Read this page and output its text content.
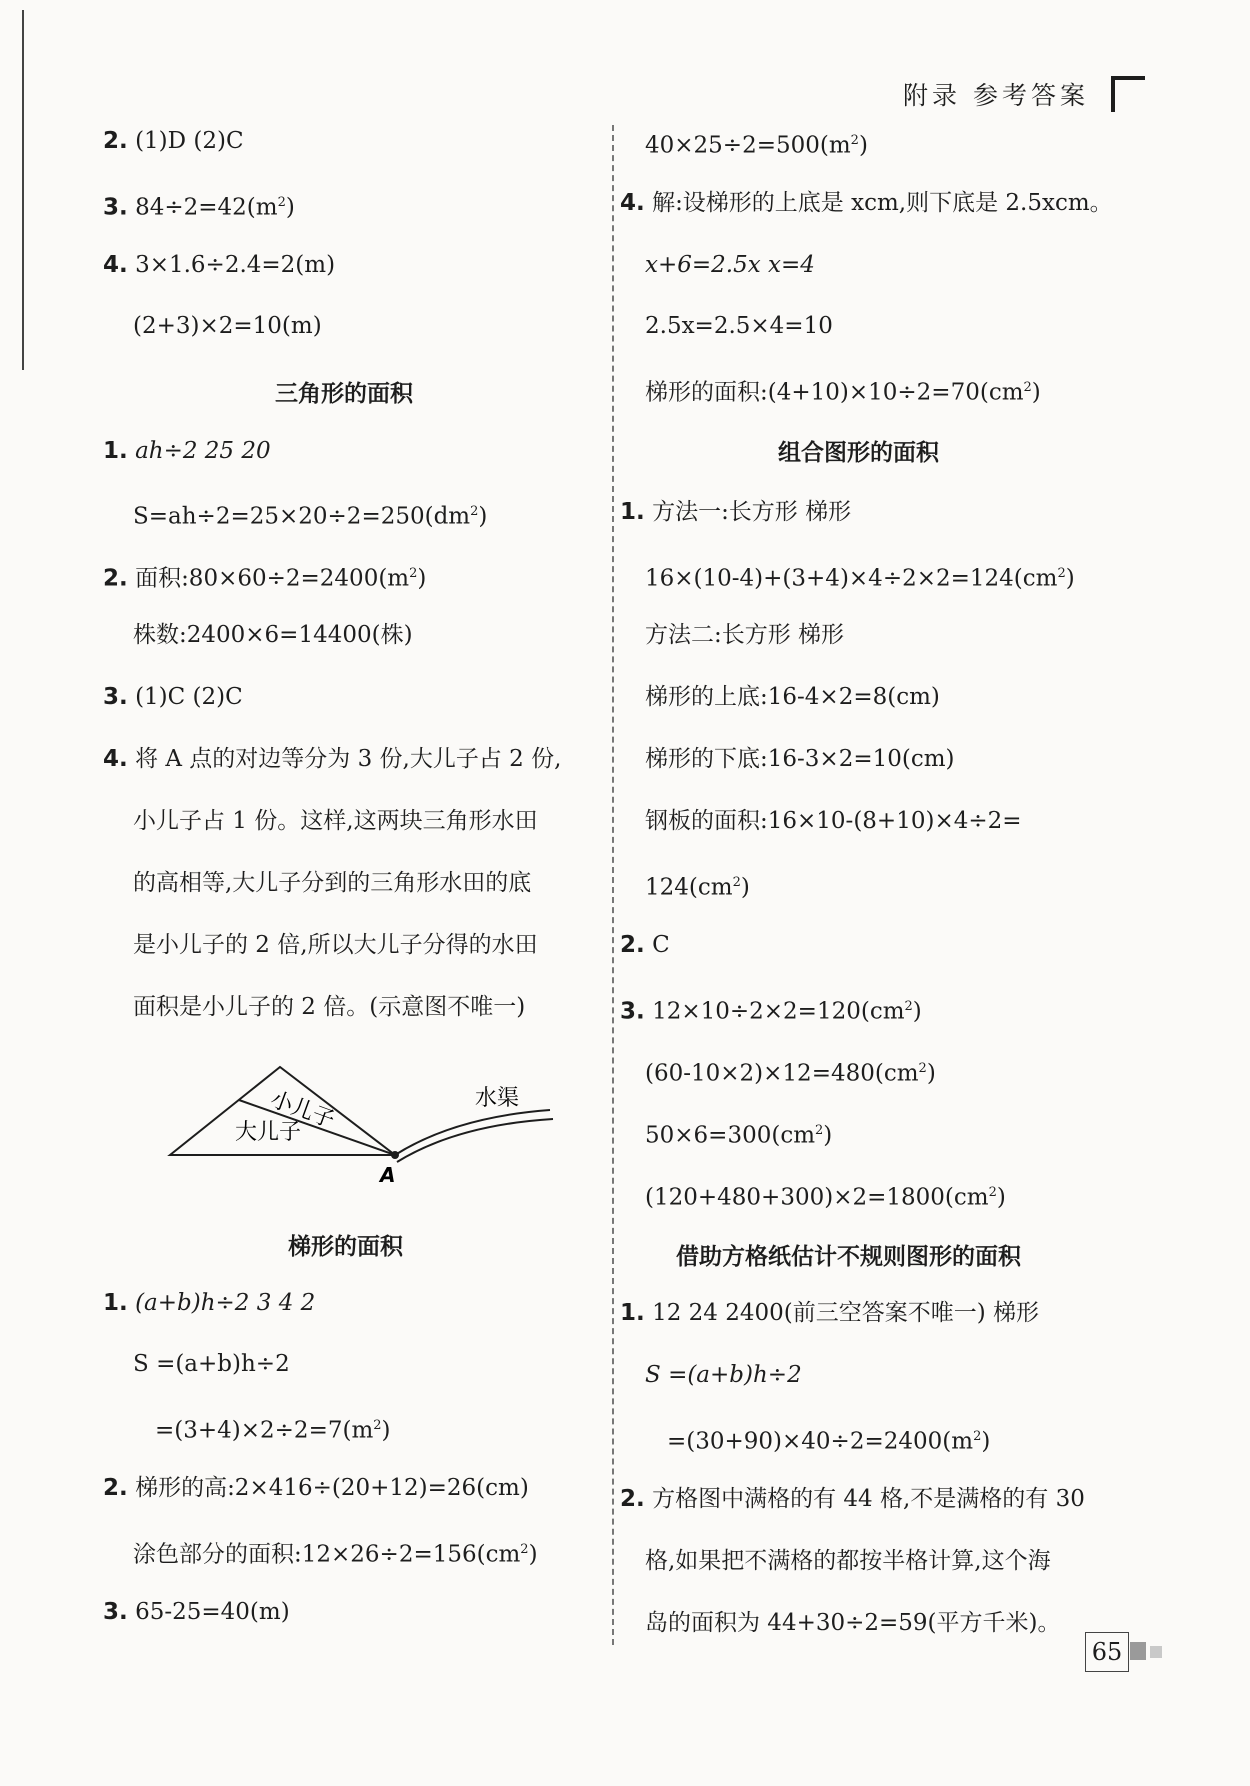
附录 参考答案
2. (1)D (2)C
3. $84\div 2=42(m^2)$
4. 3×1.6÷2.4=2(m)
(2+3)×2=10(m)
三角形的面积
1. ah÷2 25 20
$S=ah\div 2=25\times 20\div 2=250(dm^2)$
2. 面积$:80\times 60\div 2=2400(m^2)$
株数:2400×6=14400(株)
3. (1)C (2)C
4. 将 A 点的对边等分为 3 份,大儿子占 2 份,
小儿子占 1 份。这样,这两块三角形水田
的高相等,大儿子分到的三角形水田的底
是小儿子的 2 倍,所以大儿子分得的水田
面积是小儿子的 2 倍。(示意图不唯一)
小儿子
大儿子
水渠
A
梯形的面积
1. (a+b)h÷2 3 4 2
S =(a+b)h÷2
$=(3+4)\times 2\div 2=7(m^2)$
2. 梯形的高:2×416÷(20+12)=26(cm)
涂色部分的面积$:12\times 26\div 2=156(cm^2)$
3. 65-25=40(m)
$40\times 25\div 2=500(m^2)$
4. 解:设梯形的上底是 xcm,则下底是 2.5xcm。
x+6=2.5x x=4
2.5x=2.5×4=10
梯形的面积$:(4+10)\times 10\div 2=70(cm^2)$
组合图形的面积
1. 方法一:长方形 梯形
$16\times(10-4)+(3+4)\times 4\div 2\times 2=124(cm^2)$
方法二:长方形 梯形
梯形的上底:16-4×2=8(cm)
梯形的下底:16-3×2=10(cm)
钢板的面积:16×10-(8+10)×4÷2=
$124(cm^2)$
2. C
3. $12\times 10\div 2\times 2=120(cm^2)$
$(60-10\times 2)\times 12=480(cm^2)$
$50\times 6=300(cm^2)$
$(120+480+300)\times 2=1800(cm^2)$
借助方格纸估计不规则图形的面积
1. 12 24 2400(前三空答案不唯一) 梯形
S =(a+b)h÷2
$=(30+90)\times 40\div 2=2400(m^2)$
2. 方格图中满格的有 44 格,不是满格的有 30
格,如果把不满格的都按半格计算,这个海
岛的面积为 44+30÷2=59(平方千米)。
65
